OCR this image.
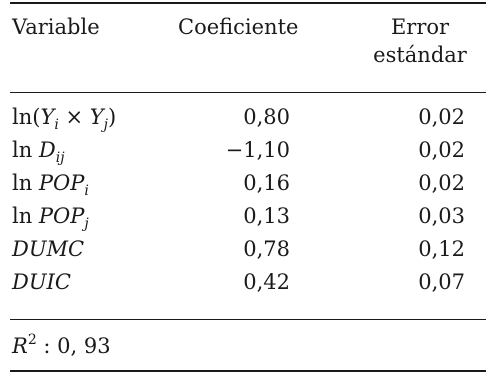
Variable	Coeficiente	Error
estándar
$\ln(Y_i \times Y_j)$	0,80	0,02
$\ln D_{ij}$	−1,10	0,02
$\ln POP_i$	0,16	0,02
$\ln POP_j$	0,13	0,03
DUMC	0,78	0,12
DUIC	0,42	0,07
$R^2$ : 0, 93
